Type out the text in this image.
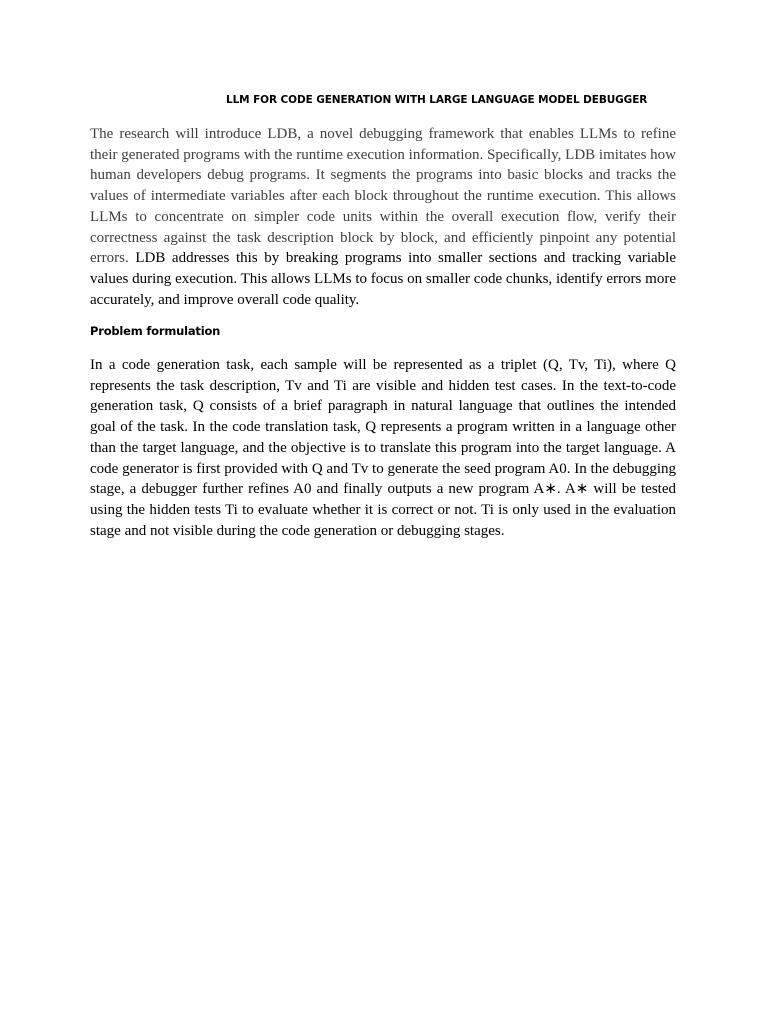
LLM FOR CODE GENERATION WITH LARGE LANGUAGE MODEL DEBUGGER

The research will introduce LDB, a novel debugging framework that enables LLMs to refine their generated programs with the runtime execution information. Specifically, LDB imitates how human developers debug programs. It segments the programs into basic blocks and tracks the values of intermediate variables after each block throughout the runtime execution. This allows LLMs to concentrate on simpler code units within the overall execution flow, verify their correctness against the task description block by block, and efficiently pinpoint any potential errors. LDB addresses this by breaking programs into smaller sections and tracking variable values during execution. This allows LLMs to focus on smaller code chunks, identify errors more accurately, and improve overall code quality.

Problem formulation

In a code generation task, each sample will be represented as a triplet (Q, Tv, Ti), where Q represents the task description, Tv and Ti are visible and hidden test cases. In the text-to-code generation task, Q consists of a brief paragraph in natural language that outlines the intended goal of the task. In the code translation task, Q represents a program written in a language other than the target language, and the objective is to translate this program into the target language. A code generator is first provided with Q and Tv to generate the seed program A0. In the debugging stage, a debugger further refines A0 and finally outputs a new program A∗. A∗ will be tested using the hidden tests Ti to evaluate whether it is correct or not. Ti is only used in the evaluation stage and not visible during the code generation or debugging stages.
